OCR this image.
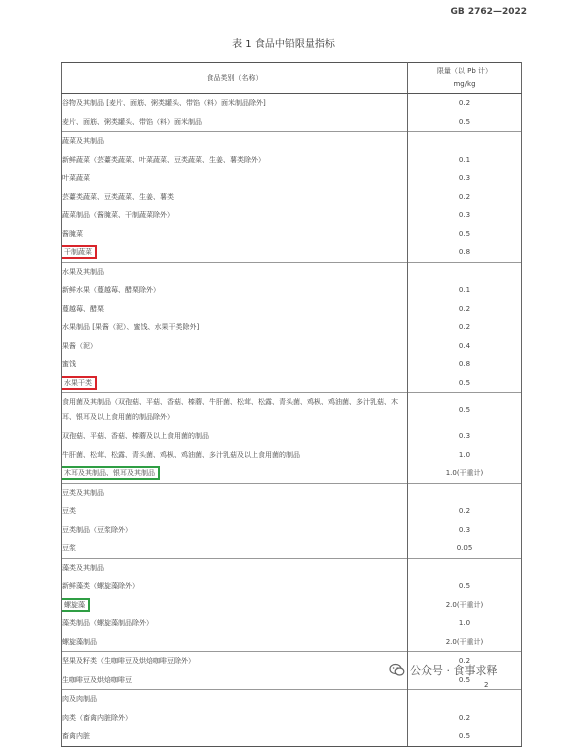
GB 2762—2022
表 1 食品中铅限量指标
食品类别（名称）	限量（以 Pb 计）
mg/kg
谷物及其制品 [麦片、面筋、粥类罐头、带馅（料）面米制品除外]	0.2
麦片、面筋、粥类罐头、带馅（料）面米制品	0.5
蔬菜及其制品	
新鲜蔬菜（芸薹类蔬菜、叶菜蔬菜、豆类蔬菜、生姜、薯类除外）	0.1
叶菜蔬菜	0.3
芸薹类蔬菜、豆类蔬菜、生姜、薯类	0.2
蔬菜制品（酱腌菜、干制蔬菜除外）	0.3
酱腌菜	0.5
干制蔬菜	0.8
水果及其制品	
新鲜水果（蔓越莓、醋栗除外）	0.1
蔓越莓、醋栗	0.2
水果制品 [果酱（泥）、蜜饯、水果干类除外]	0.2
果酱（泥）	0.4
蜜饯	0.8
水果干类	0.5
食用菌及其制品（双孢菇、平菇、香菇、榛蘑、牛肝菌、松茸、松露、青头菌、鸡枞、鸡油菌、多汁乳菇、木耳、银耳及以上食用菌的制品除外）	0.5
双孢菇、平菇、香菇、榛蘑及以上食用菌的制品	0.3
牛肝菌、松茸、松露、青头菌、鸡枞、鸡油菌、多汁乳菇及以上食用菌的制品	1.0
木耳及其制品、银耳及其制品	1.0(干重计)
豆类及其制品	
豆类	0.2
豆类制品（豆浆除外）	0.3
豆浆	0.05
藻类及其制品	
新鲜藻类（螺旋藻除外）	0.5
螺旋藻	2.0(干重计)
藻类制品（螺旋藻制品除外）	1.0
螺旋藻制品	2.0(干重计)
坚果及籽类（生咖啡豆及烘焙咖啡豆除外）	0.2
生咖啡豆及烘焙咖啡豆	0.5
肉及肉制品	
肉类（畜禽内脏除外）	0.2
畜禽内脏	0.5
公众号 · 食事求释
2
